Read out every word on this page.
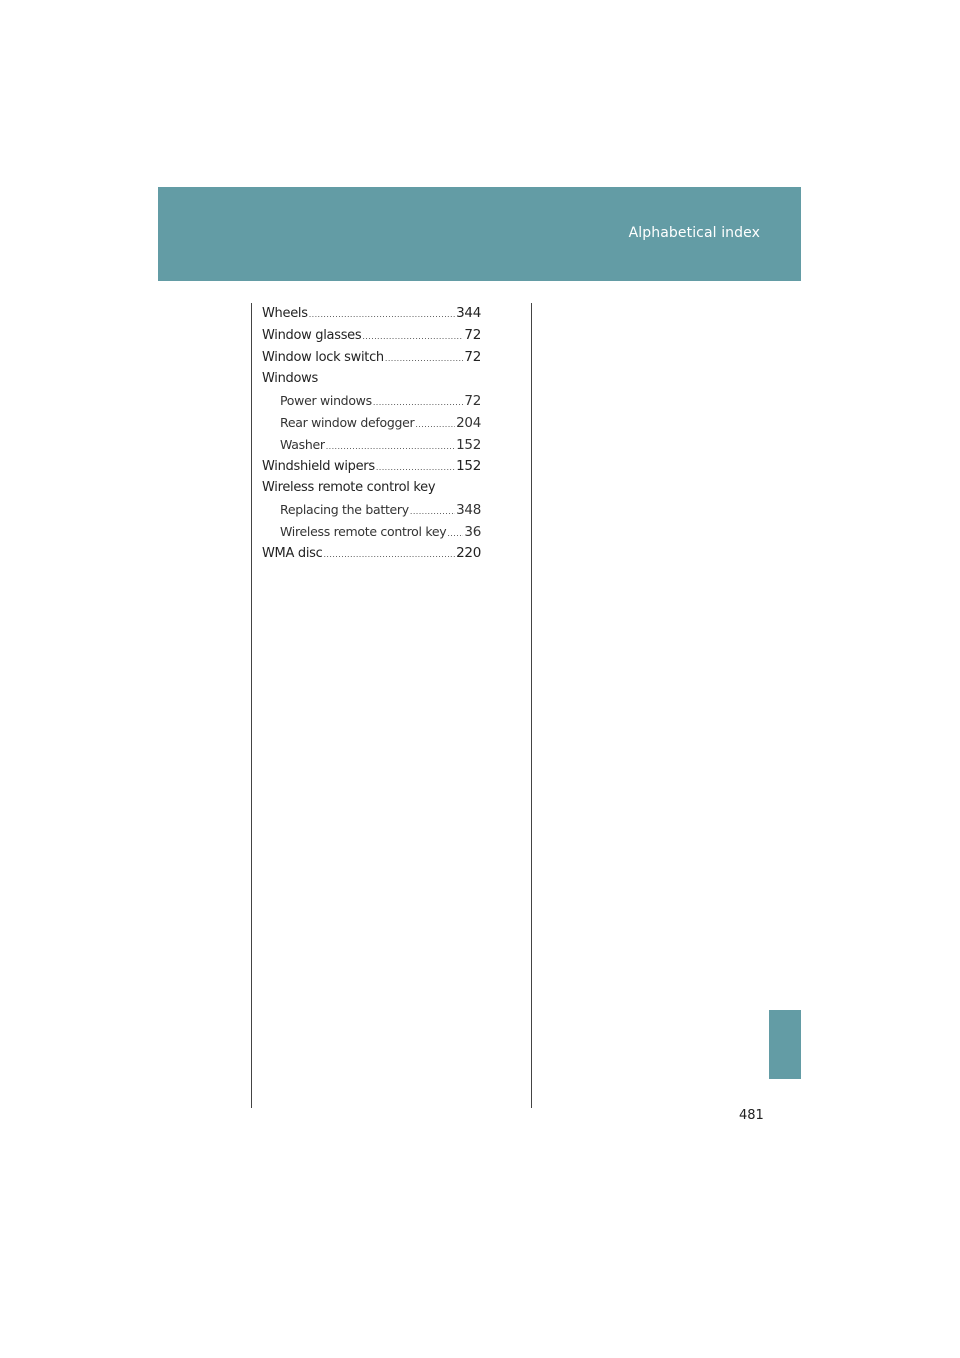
Alphabetical index
Wheels .....	344
Window glasses .....	72
Window lock switch .....	72
Windows
Power windows .....	72
Rear window defogger .....	204
Washer .....	152
Windshield wipers .....	152
Wireless remote control key
Replacing the battery .....	348
Wireless remote control key ..... 36
WMA disc .....	220
481
